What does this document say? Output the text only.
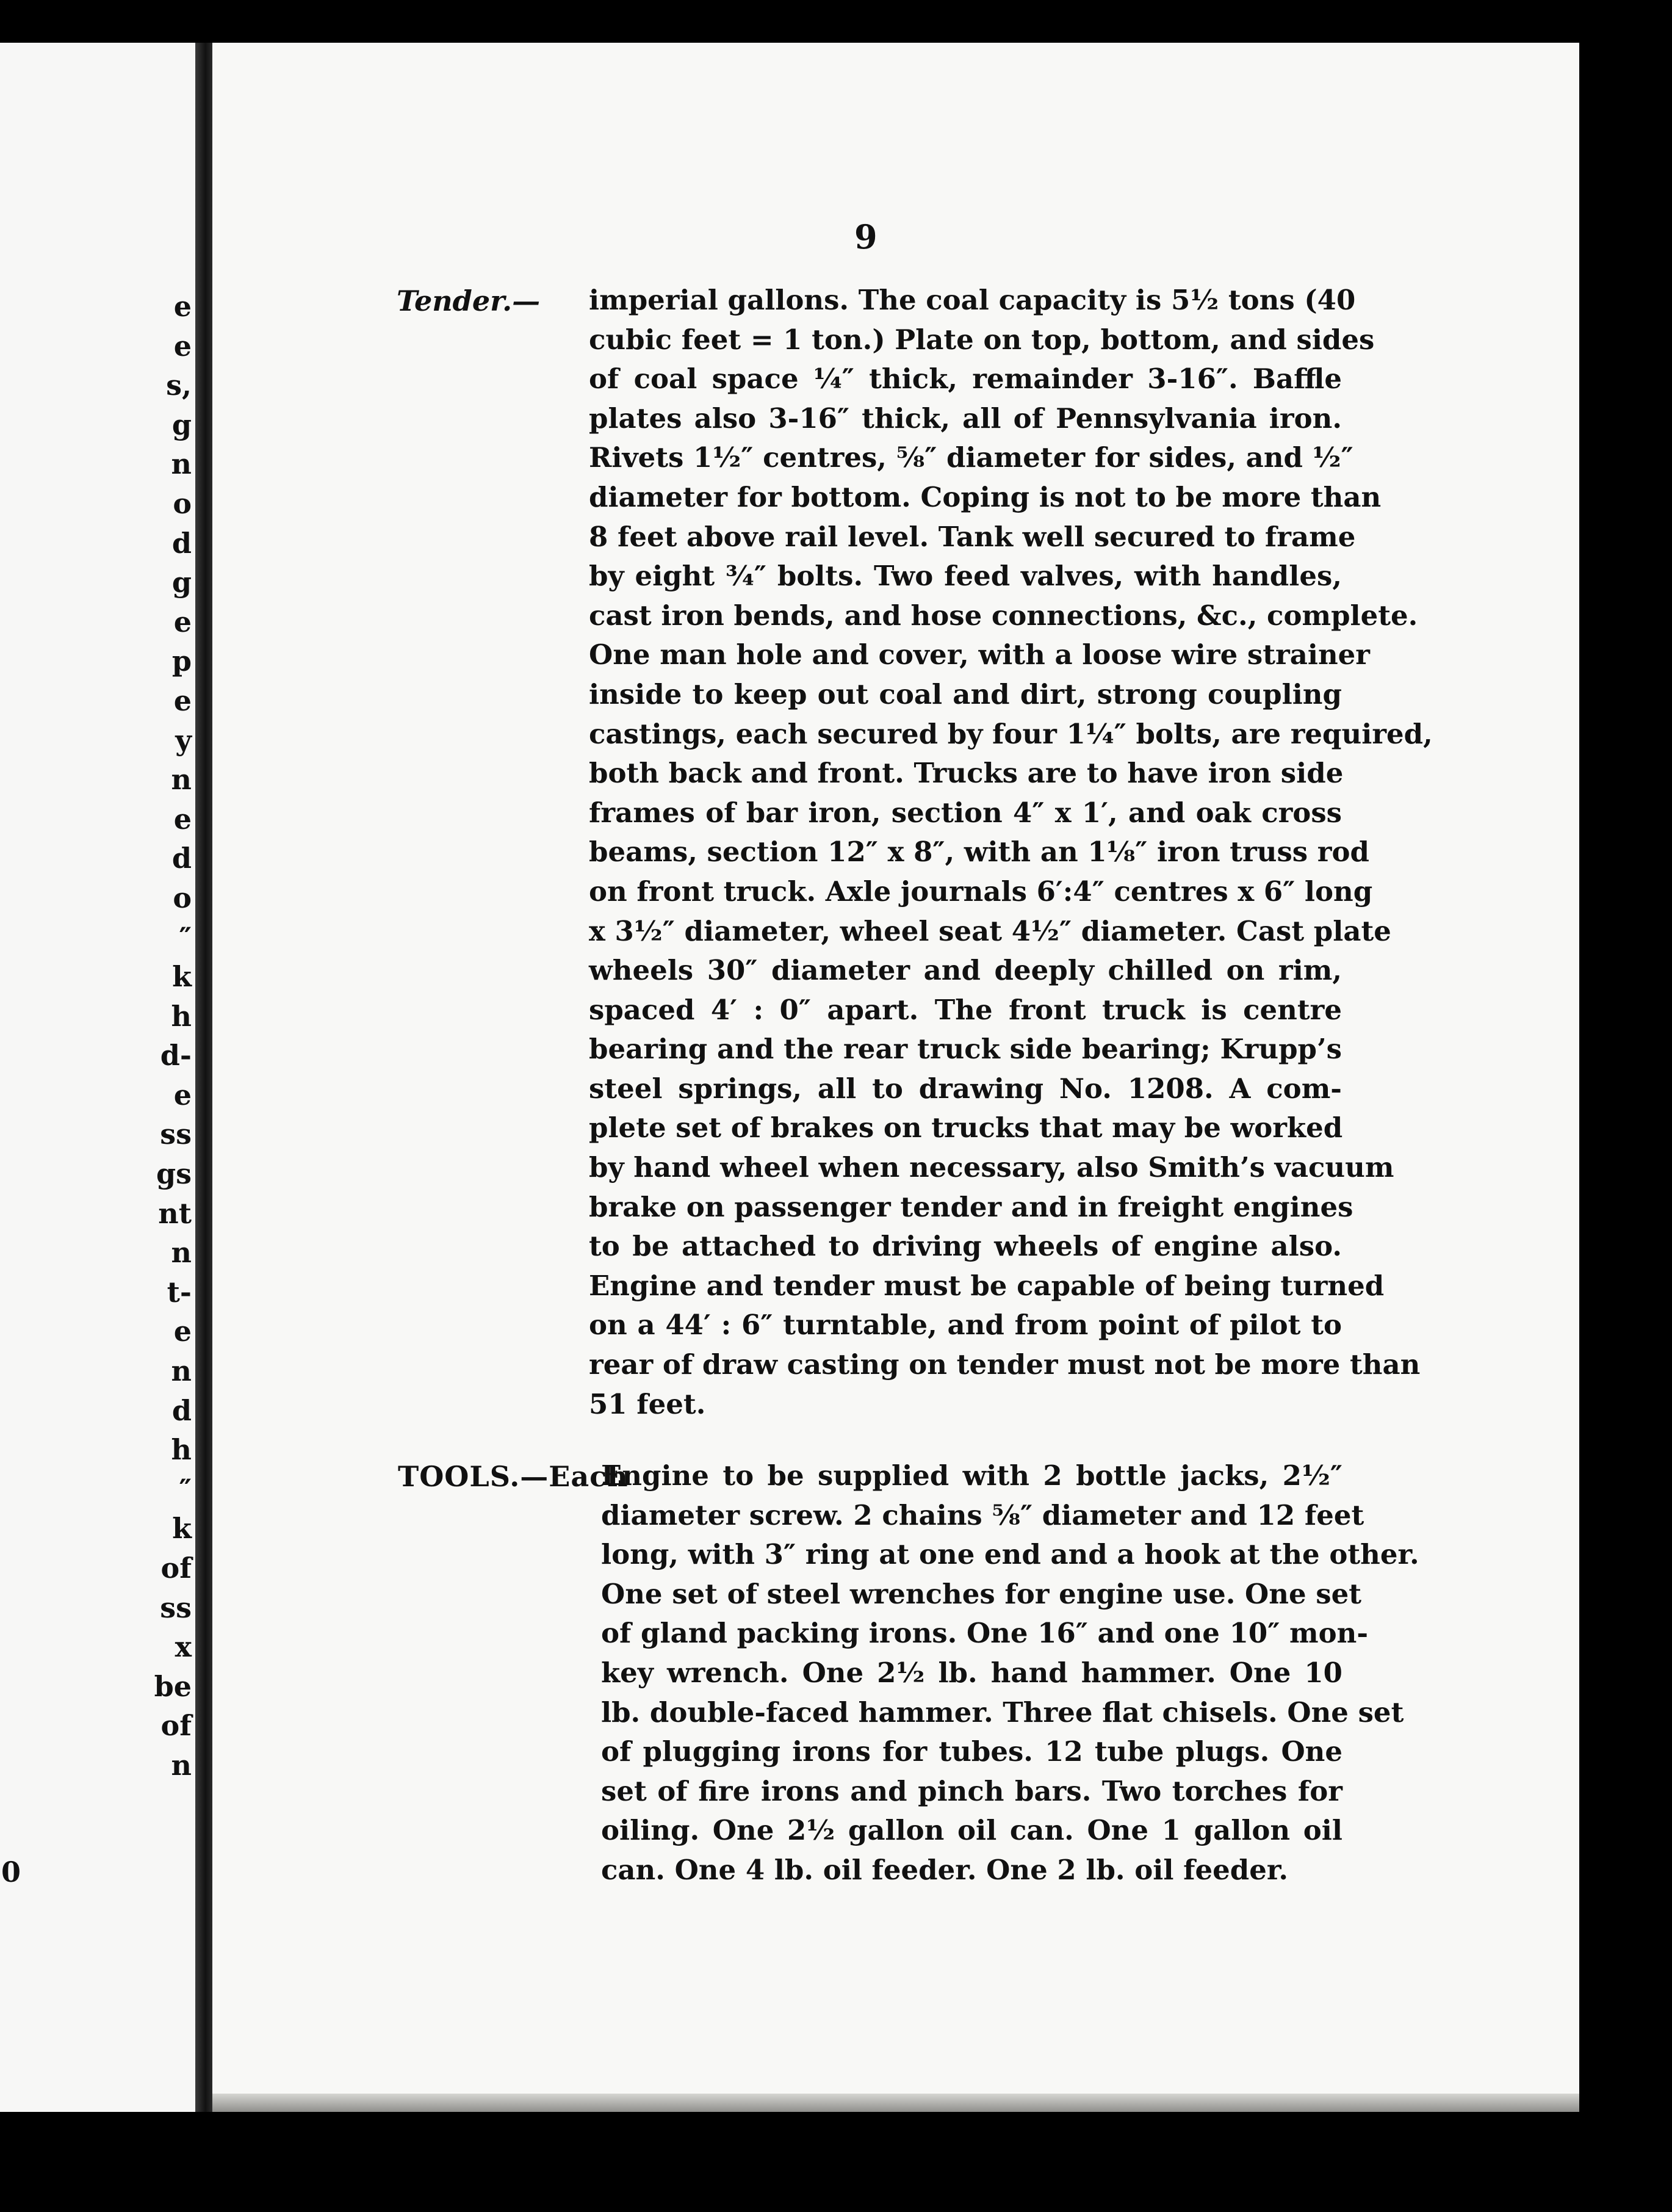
e
e
s,
g
n
o
d
g
e
p
e
y
n
e
d
o
″
k
h
d-
e
ss
gs
nt
n
t-
e
n
d
h
″
k
of
ss
x
be
of
n
0
9
Tender.— imperial gallons. The coal capacity is 5½ tons (40
cubic feet = 1 ton.) Plate on top, bottom, and sides
of coal space ¼″ thick, remainder 3-16″. Baffle
plates also 3-16″ thick, all of Pennsylvania iron.
Rivets 1½″ centres, ⅝″ diameter for sides, and ½″
diameter for bottom. Coping is not to be more than
8 feet above rail level. Tank well secured to frame
by eight ¾″ bolts. Two feed valves, with handles,
cast iron bends, and hose connections, &c., complete.
One man hole and cover, with a loose wire strainer
inside to keep out coal and dirt, strong coupling
castings, each secured by four 1¼″ bolts, are required,
both back and front. Trucks are to have iron side
frames of bar iron, section 4″ x 1′, and oak cross
beams, section 12″ x 8″, with an 1⅛″ iron truss rod
on front truck. Axle journals 6′:4″ centres x 6″ long
x 3½″ diameter, wheel seat 4½″ diameter. Cast plate
wheels 30″ diameter and deeply chilled on rim,
spaced 4′ : 0″ apart. The front truck is centre
bearing and the rear truck side bearing; Krupp’s
steel springs, all to drawing No. 1208. A com-
plete set of brakes on trucks that may be worked
by hand wheel when necessary, also Smith’s vacuum
brake on passenger tender and in freight engines
to be attached to driving wheels of engine also.
Engine and tender must be capable of being turned
on a 44′ : 6″ turntable, and from point of pilot to
rear of draw casting on tender must not be more than
51 feet.
TOOLS.—Each
Engine to be supplied with 2 bottle jacks, 2½″
diameter screw. 2 chains ⅝″ diameter and 12 feet
long, with 3″ ring at one end and a hook at the other.
One set of steel wrenches for engine use. One set
of gland packing irons. One 16″ and one 10″ mon-
key wrench. One 2½ lb. hand hammer. One 10
lb. double-faced hammer. Three flat chisels. One set
of plugging irons for tubes. 12 tube plugs. One
set of fire irons and pinch bars. Two torches for
oiling. One 2½ gallon oil can. One 1 gallon oil
can. One 4 lb. oil feeder. One 2 lb. oil feeder.
